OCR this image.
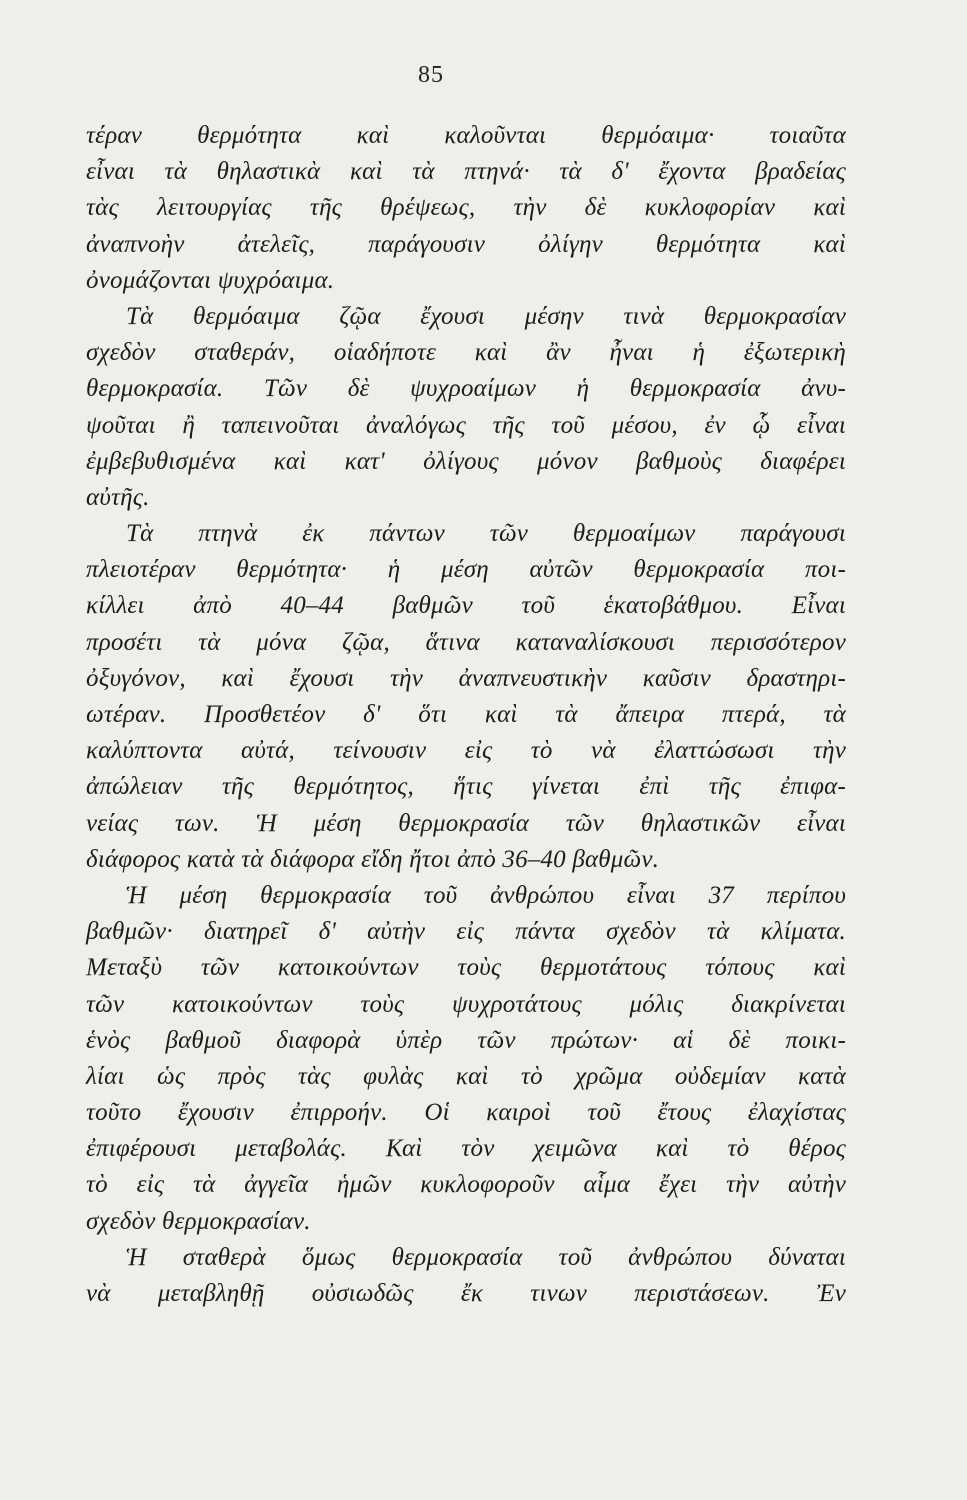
85
τέραν θερμότητα καὶ καλοῦνται θερμόαιμα· τοιαῦτα
εἶναι τὰ θηλαστικὰ καὶ τὰ πτηνά· τὰ δ' ἔχοντα βραδείας
τὰς λειτουργίας τῆς θρέψεως, τὴν δὲ κυκλοφορίαν καὶ
ἀναπνοὴν ἀτελεῖς, παράγουσιν ὀλίγην θερμότητα καὶ
ὀνομάζονται ψυχρόαιμα.
Τὰ θερμόαιμα ζῷα ἔχουσι μέσην τινὰ θερμοκρασίαν
σχεδὸν σταθεράν, οἱαδήποτε καὶ ἂν ἦναι ἡ ἐξωτερικὴ
θερμοκρασία. Τῶν δὲ ψυχροαίμων ἡ θερμοκρασία ἀνυ-
ψοῦται ἢ ταπεινοῦται ἀναλόγως τῆς τοῦ μέσου, ἐν ᾧ εἶναι
ἐμβεβυθισμένα καὶ κατ' ὀλίγους μόνον βαθμοὺς διαφέρει
αὐτῆς.
Τὰ πτηνὰ ἐκ πάντων τῶν θερμοαίμων παράγουσι
πλειοτέραν θερμότητα· ἡ μέση αὐτῶν θερμοκρασία ποι-
κίλλει ἀπὸ 40–44 βαθμῶν τοῦ ἑκατοβάθμου. Εἶναι
προσέτι τὰ μόνα ζῷα, ἅτινα καταναλίσκουσι περισσότερον
ὀξυγόνον, καὶ ἔχουσι τὴν ἀναπνευστικὴν καῦσιν δραστηρι-
ωτέραν. Προσθετέον δ' ὅτι καὶ τὰ ἄπειρα πτερά, τὰ
καλύπτοντα αὐτά, τείνουσιν εἰς τὸ νὰ ἐλαττώσωσι τὴν
ἀπώλειαν τῆς θερμότητος, ἥτις γίνεται ἐπὶ τῆς ἐπιφα-
νείας των. Ἡ μέση θερμοκρασία τῶν θηλαστικῶν εἶναι
διάφορος κατὰ τὰ διάφορα εἴδη ἤτοι ἀπὸ 36–40 βαθμῶν.
Ἡ μέση θερμοκρασία τοῦ ἀνθρώπου εἶναι 37 περίπου
βαθμῶν· διατηρεῖ δ' αὐτὴν εἰς πάντα σχεδὸν τὰ κλίματα.
Μεταξὺ τῶν κατοικούντων τοὺς θερμοτάτους τόπους καὶ
τῶν κατοικούντων τοὺς ψυχροτάτους μόλις διακρίνεται
ἑνὸς βαθμοῦ διαφορὰ ὑπὲρ τῶν πρώτων· αἱ δὲ ποικι-
λίαι ὡς πρὸς τὰς φυλὰς καὶ τὸ χρῶμα οὐδεμίαν κατὰ
τοῦτο ἔχουσιν ἐπιρροήν. Οἱ καιροὶ τοῦ ἔτους ἐλαχίστας
ἐπιφέρουσι μεταβολάς. Καὶ τὸν χειμῶνα καὶ τὸ θέρος
τὸ εἰς τὰ ἀγγεῖα ἡμῶν κυκλοφοροῦν αἷμα ἔχει τὴν αὐτὴν
σχεδὸν θερμοκρασίαν.
Ἡ σταθερὰ ὅμως θερμοκρασία τοῦ ἀνθρώπου δύναται
νὰ μεταβληθῇ οὐσιωδῶς ἔκ τινων περιστάσεων. Ἐν
